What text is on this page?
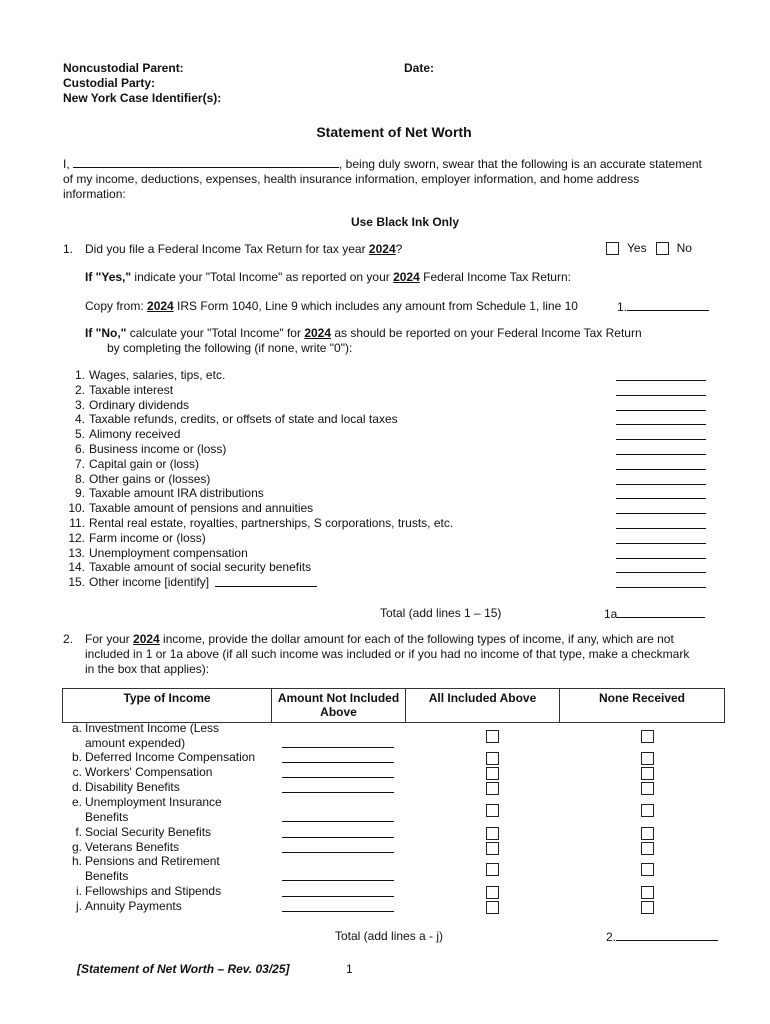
Noncustodial Parent:
Custodial Party:
New York Case Identifier(s):
Date:
Statement of Net Worth
I,	, being duly sworn, swear that the following is an accurate statement
of my income, deductions, expenses, health insurance information, employer information, and home address
information:
Use Black Ink Only
1. Did you file a Federal Income Tax Return for tax year 2024?	Yes	No
If "Yes," indicate your "Total Income" as reported on your 2024 Federal Income Tax Return:
Copy from: 2024 IRS Form 1040, Line 9 which includes any amount from Schedule 1, line 10	1.
If "No," calculate your "Total Income" for 2024 as should be reported on your Federal Income Tax Return
by completing the following (if none, write "0"):
1. Wages, salaries, tips, etc.
2. Taxable interest
3. Ordinary dividends
4. Taxable refunds, credits, or offsets of state and local taxes
5. Alimony received
6. Business income or (loss)
7. Capital gain or (loss)
8. Other gains or (losses)
9. Taxable amount IRA distributions
10. Taxable amount of pensions and annuities
11. Rental real estate, royalties, partnerships, S corporations, trusts, etc.
12. Farm income or (loss)
13. Unemployment compensation
14. Taxable amount of social security benefits
15. Other income [identify]
Total (add lines 1 – 15)	1a
2. For your 2024 income, provide the dollar amount for each of the following types of income, if any, which are not
included in 1 or 1a above (if all such income was included or if you had no income of that type, make a checkmark
in the box that applies):
Type of Income	Amount Not Included Above	All Included Above	None Received
a. Investment Income (Less
amount expended)
b. Deferred Income Compensation
c. Workers' Compensation
d. Disability Benefits
e. Unemployment Insurance
Benefits
f. Social Security Benefits
g. Veterans Benefits
h. Pensions and Retirement
Benefits
i. Fellowships and Stipends
j. Annuity Payments
Total (add lines a - j)	2.
[Statement of Net Worth – Rev. 03/25]	1
